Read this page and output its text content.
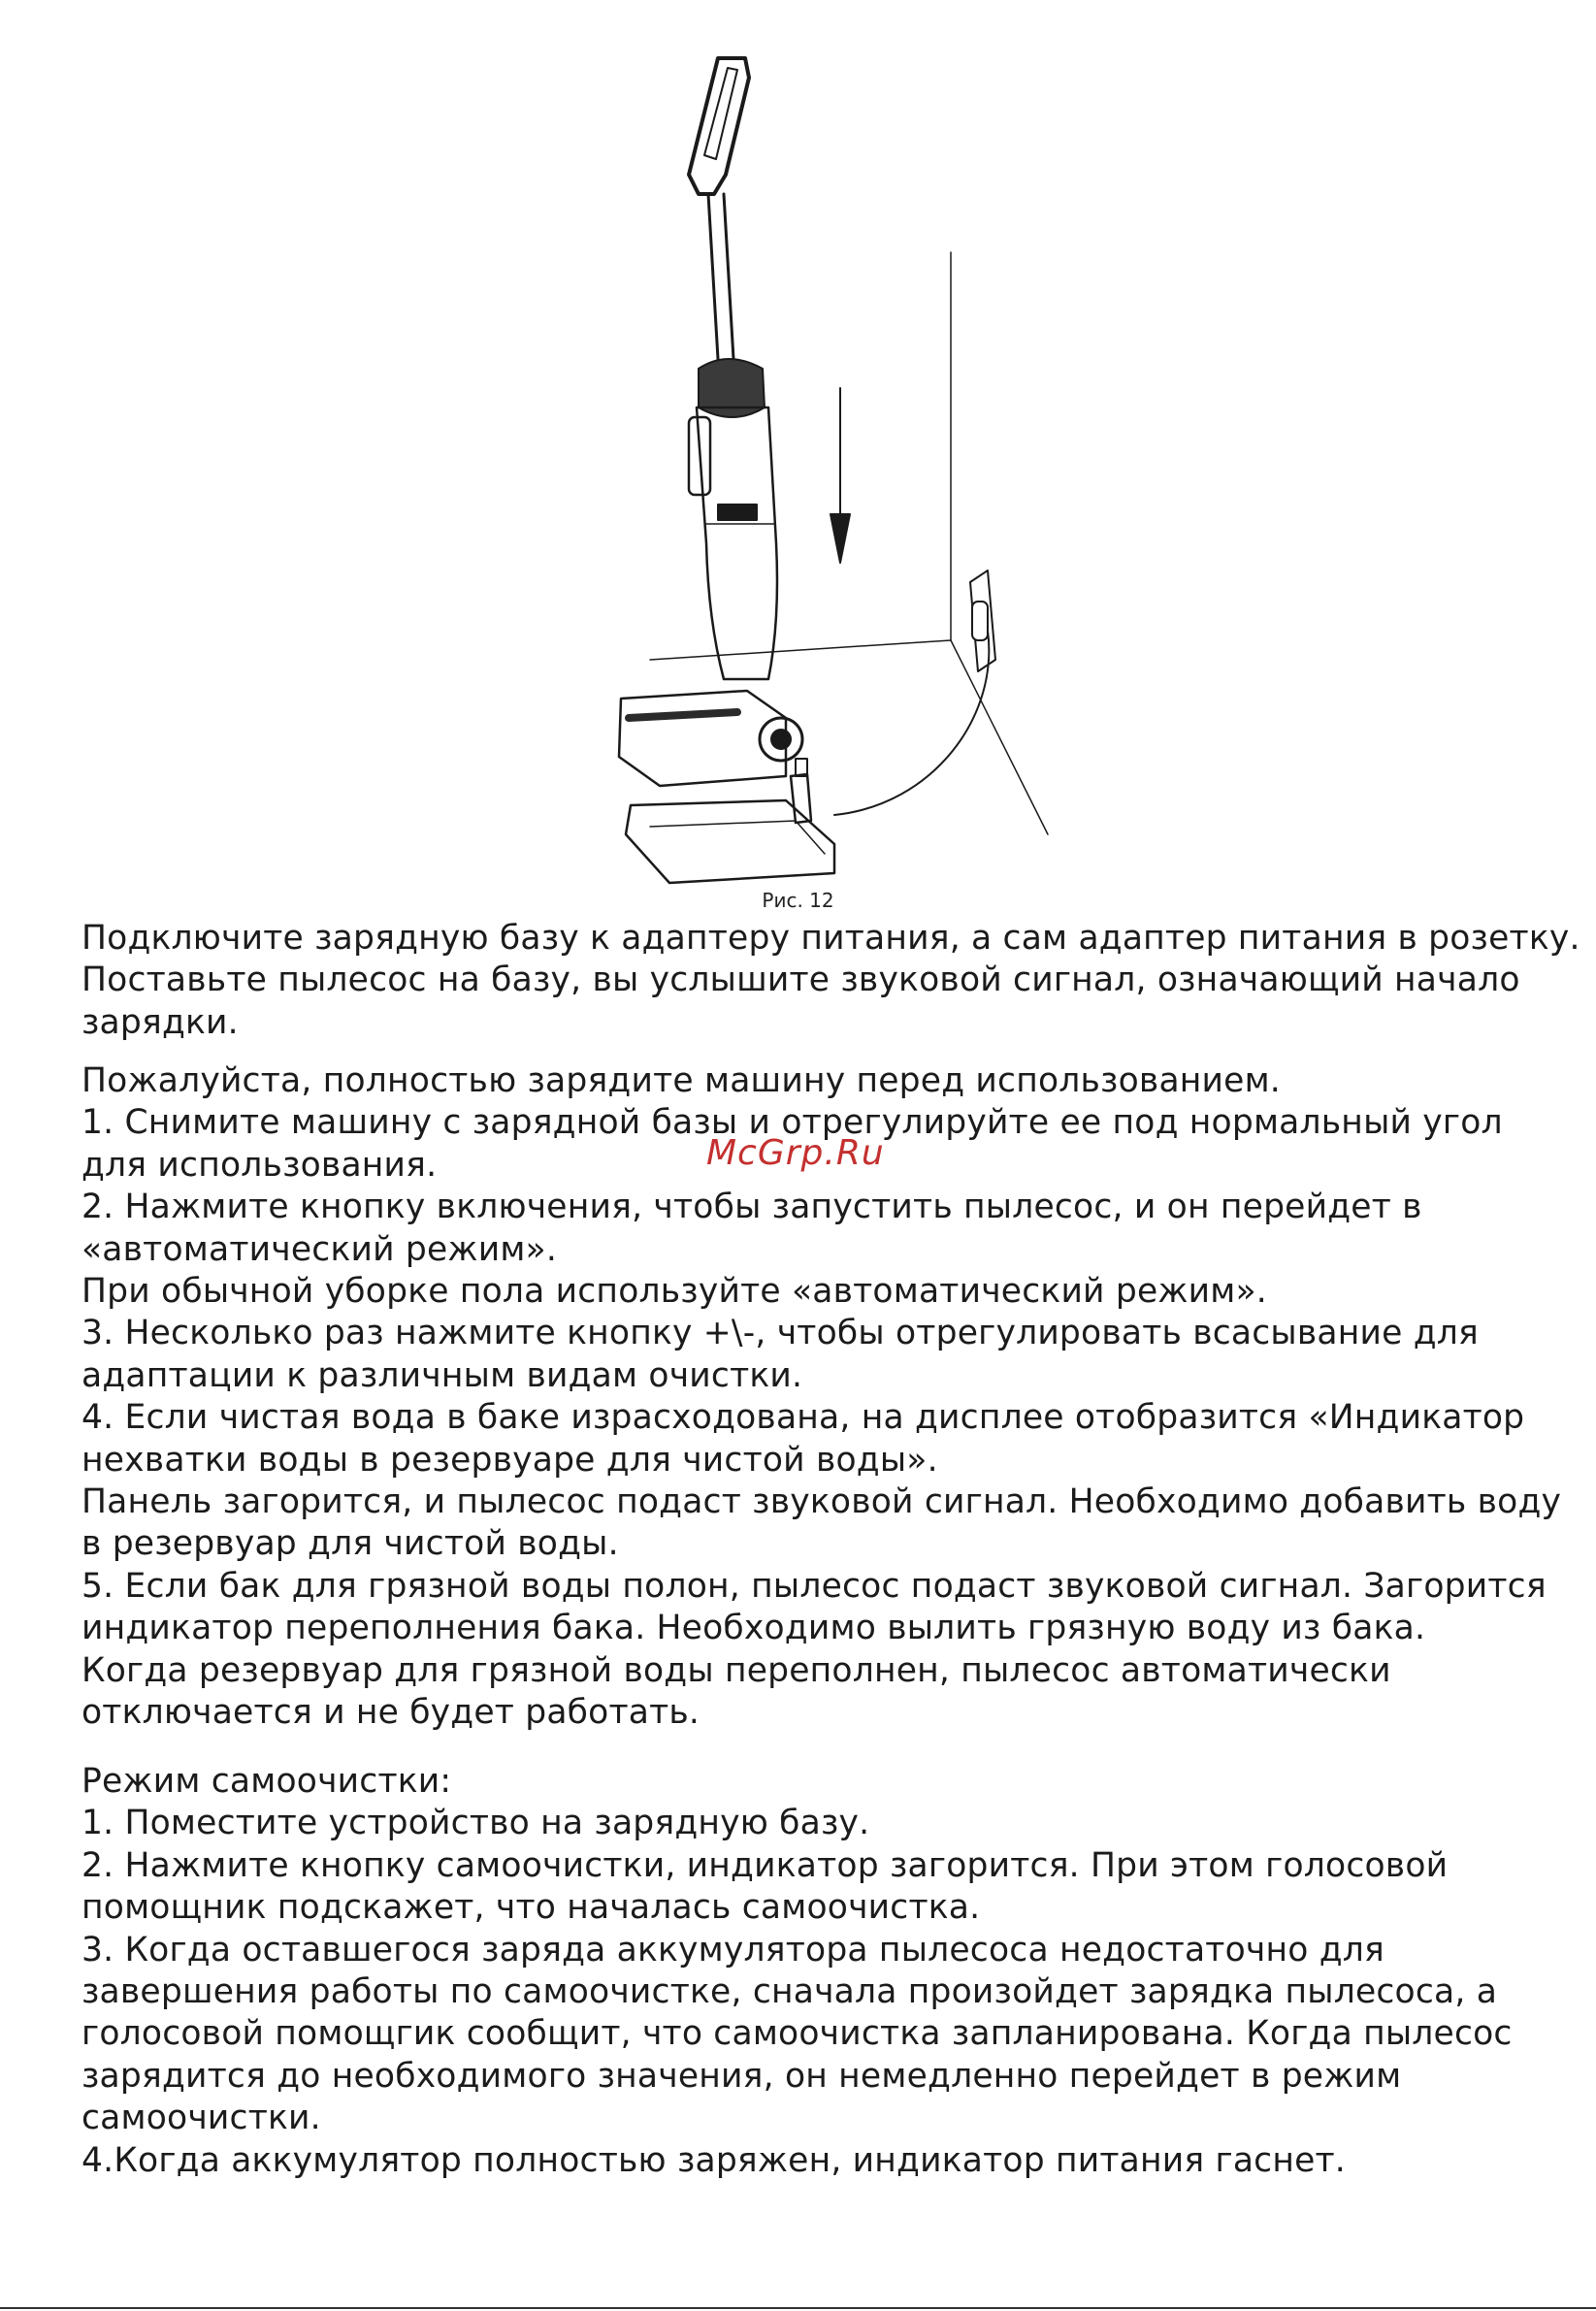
Рис. 12

Подключите зарядную базу к адаптеру питания, а сам адаптер питания в розетку.

Поставьте пылесос на базу, вы услышите звуковой сигнал, означающий начало

зарядки.

Пожалуйста, полностью зарядите машину перед использованием.

1. Снимите машину с зарядной базы и отрегулируйте ее под нормальный угол

для использования.

2. Нажмите кнопку включения, чтобы запустить пылесос, и он перейдет в

«автоматический режим».

При обычной уборке пола используйте «автоматический режим».

3. Несколько раз нажмите кнопку +\-, чтобы отрегулировать всасывание для

адаптации к различным видам очистки.

4. Если чистая вода в баке израсходована, на дисплее отобразится «Индикатор

нехватки воды в резервуаре для чистой воды».

Панель загорится, и пылесос подаст звуковой сигнал. Необходимо добавить воду

в резервуар для чистой воды.

5. Если бак для грязной воды полон, пылесос подаст звуковой сигнал. Загорится

индикатор переполнения бака. Необходимо вылить грязную воду из бака.

Когда резервуар для грязной воды переполнен, пылесос автоматически

отключается и не будет работать.

Режим самоочистки:

1. Поместите устройство на зарядную базу.

2. Нажмите кнопку самоочистки, индикатор загорится. При этом голосовой

помощник подскажет, что началась самоочистка.

3. Когда оставшегося заряда аккумулятора пылесоса недостаточно для

завершения работы по самоочистке, сначала произойдет зарядка пылесоса, а

голосовой помощгик сообщит, что самоочистка запланирована. Когда пылесос

зарядится до необходимого значения, он немедленно перейдет в режим

самоочистки.

4.Когда аккумулятор полностью заряжен, индикатор питания гаснет.

McGrp.Ru
